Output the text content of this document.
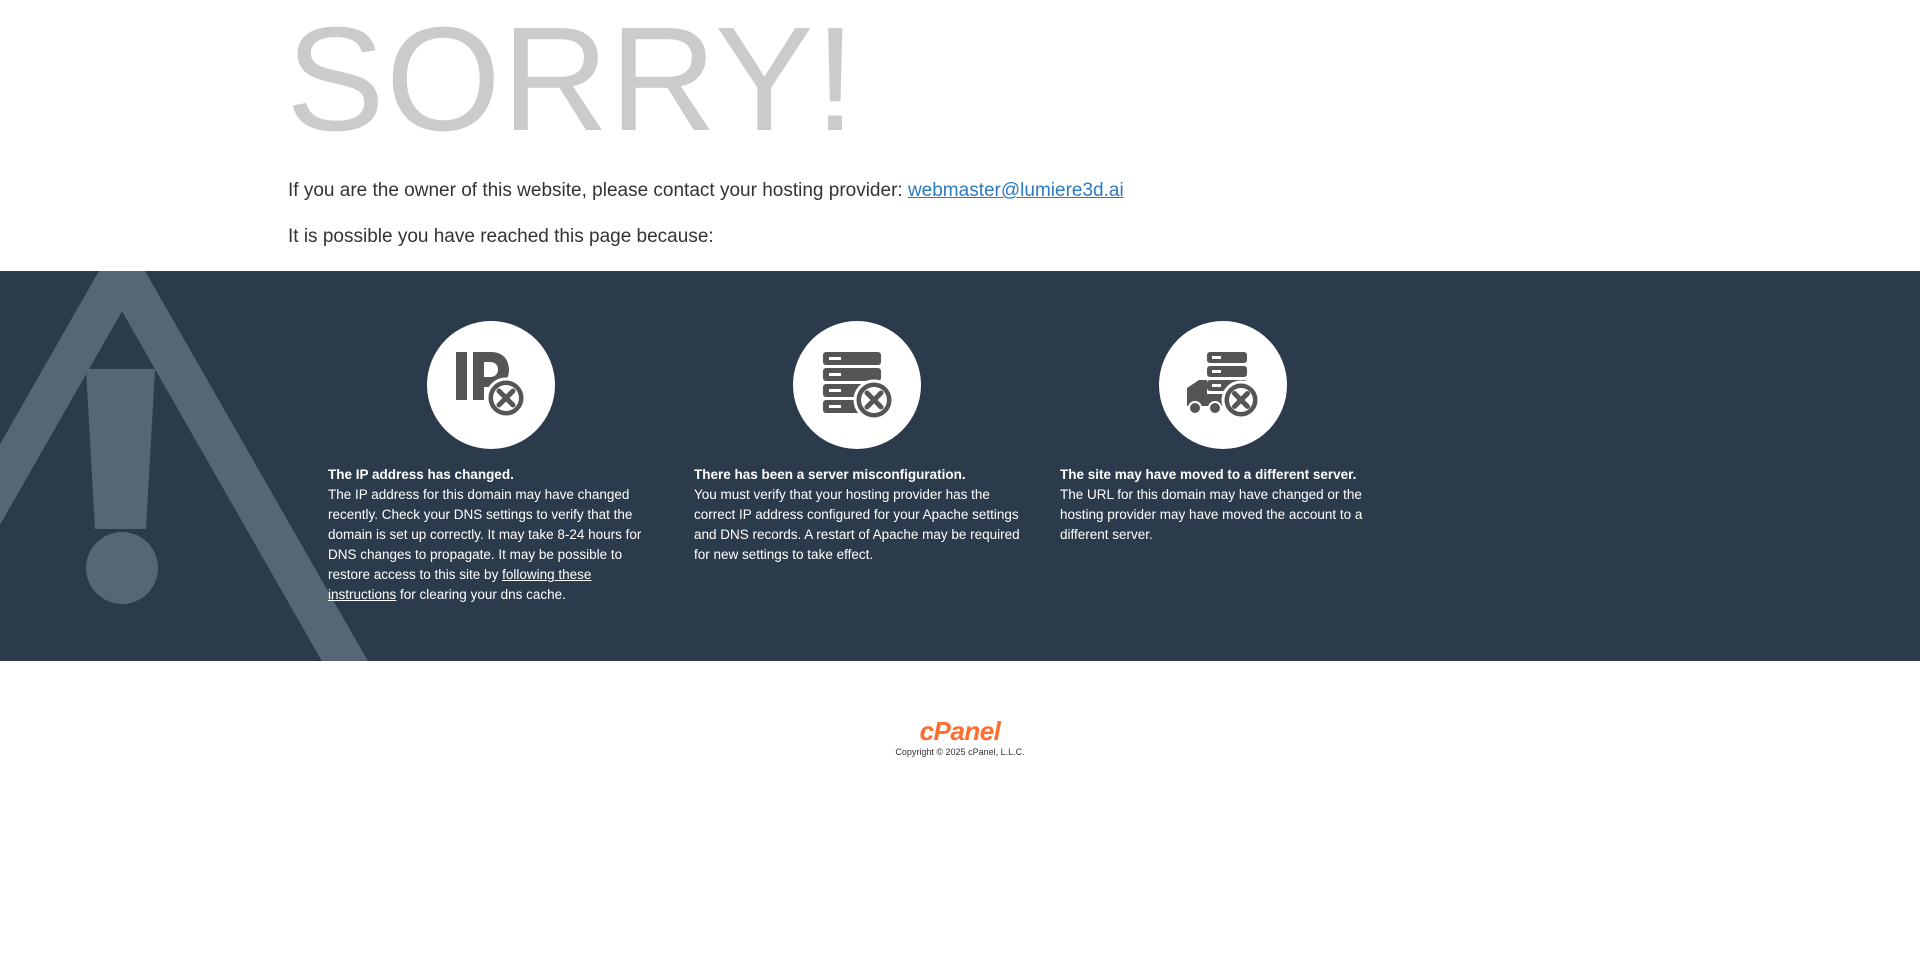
SORRY!

If you are the owner of this website, please contact your hosting provider: webmaster@lumiere3d.ai

It is possible you have reached this page because:

The IP address has changed.
The IP address for this domain may have changed recently. Check your DNS settings to verify that the domain is set up correctly. It may take 8-24 hours for DNS changes to propagate. It may be possible to restore access to this site by following these instructions for clearing your dns cache.
There has been a server misconfiguration.
You must verify that your hosting provider has the correct IP address configured for your Apache settings and DNS records. A restart of Apache may be required for new settings to take effect.
The site may have moved to a different server.
The URL for this domain may have changed or the hosting provider may have moved the account to a different server.
cPanel
Copyright © 2025 cPanel, L.L.C.
